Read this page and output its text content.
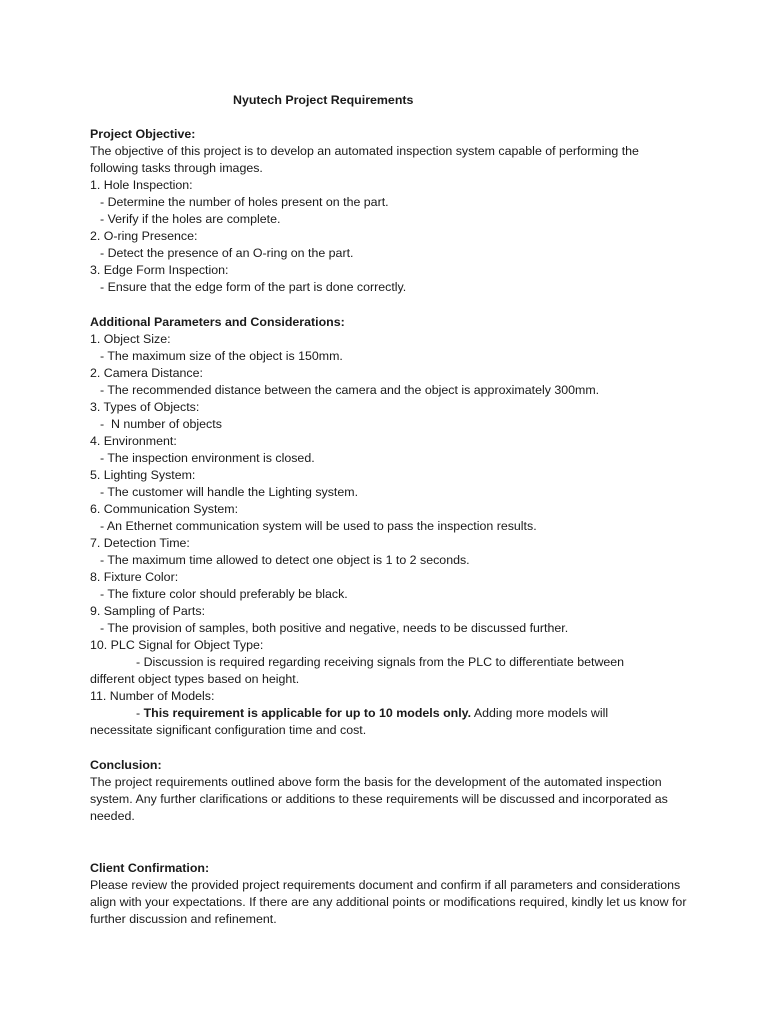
Nyutech Project Requirements
Project Objective:

The objective of this project is to develop an automated inspection system capable of performing the following tasks through images.

1. Hole Inspection:
- Determine the number of holes present on the part.
- Verify if the holes are complete.
2. O-ring Presence:
- Detect the presence of an O-ring on the part.
3. Edge Form Inspection:
- Ensure that the edge form of the part is done correctly.
Additional Parameters and Considerations:
1. Object Size:
- The maximum size of the object is 150mm.
2. Camera Distance:
- The recommended distance between the camera and the object is approximately 300mm.
3. Types of Objects:
-  N number of objects
4. Environment:
- The inspection environment is closed.
5. Lighting System:
- The customer will handle the Lighting system.
6. Communication System:
- An Ethernet communication system will be used to pass the inspection results.
7. Detection Time:
- The maximum time allowed to detect one object is 1 to 2 seconds.
8. Fixture Color:
- The fixture color should preferably be black.
9. Sampling of Parts:
- The provision of samples, both positive and negative, needs to be discussed further.
10. PLC Signal for Object Type:
- Discussion is required regarding receiving signals from the PLC to differentiate between
different object types based on height.
11. Number of Models:
- This requirement is applicable for up to 10 models only. Adding more models will
necessitate significant configuration time and cost.
Conclusion:

The project requirements outlined above form the basis for the development of the automated inspection system. Any further clarifications or additions to these requirements will be discussed and incorporated as needed.

Client Confirmation:

Please review the provided project requirements document and confirm if all parameters and considerations align with your expectations. If there are any additional points or modifications required, kindly let us know for further discussion and refinement.
